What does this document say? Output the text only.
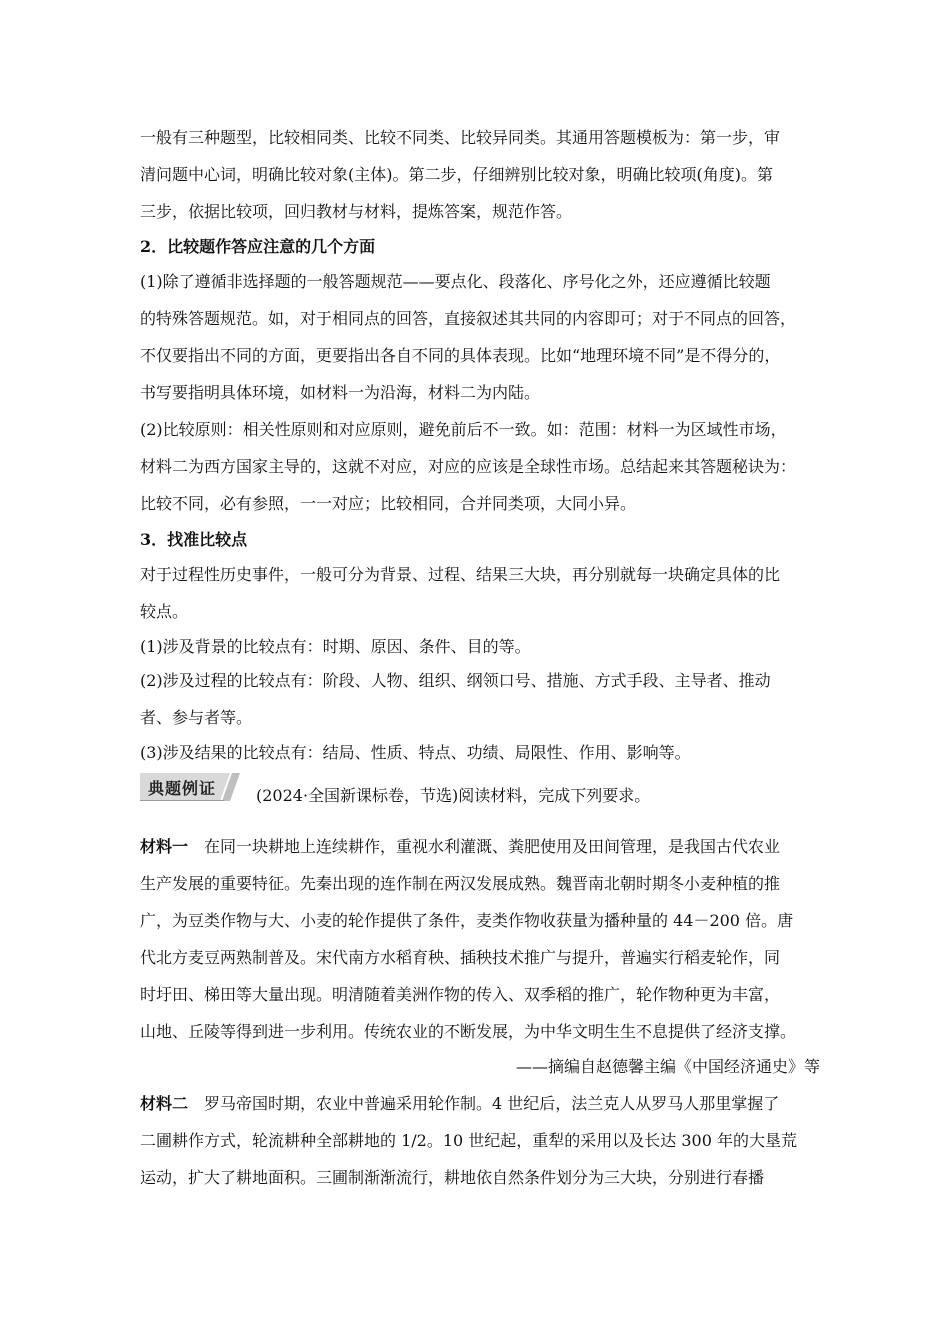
一般有三种题型，比较相同类、比较不同类、比较异同类。其通用答题模板为：第一步，审
清问题中心词，明确比较对象(主体)。第二步，仔细辨别比较对象，明确比较项(角度)。第
三步，依据比较项，回归教材与材料，提炼答案，规范作答。
2．比较题作答应注意的几个方面
(1)除了遵循非选择题的一般答题规范——要点化、段落化、序号化之外，还应遵循比较题
的特殊答题规范。如，对于相同点的回答，直接叙述其共同的内容即可；对于不同点的回答，
不仅要指出不同的方面，更要指出各自不同的具体表现。比如“地理环境不同”是不得分的，
书写要指明具体环境，如材料一为沿海，材料二为内陆。
(2)比较原则：相关性原则和对应原则，避免前后不一致。如：范围：材料一为区域性市场，
材料二为西方国家主导的，这就不对应，对应的应该是全球性市场。总结起来其答题秘诀为：
比较不同，必有参照，一一对应；比较相同，合并同类项，大同小异。
3．找准比较点
对于过程性历史事件，一般可分为背景、过程、结果三大块，再分别就每一块确定具体的比
较点。
(1)涉及背景的比较点有：时期、原因、条件、目的等。
(2)涉及过程的比较点有：阶段、人物、组织、纲领口号、措施、方式手段、主导者、推动
者、参与者等。
(3)涉及结果的比较点有：结局、性质、特点、功绩、局限性、作用、影响等。
典题例证 (2024·全国新课标卷，节选)阅读材料，完成下列要求。
材料一 在同一块耕地上连续耕作，重视水利灌溉、粪肥使用及田间管理，是我国古代农业
生产发展的重要特征。先秦出现的连作制在两汉发展成熟。魏晋南北朝时期冬小麦种植的推
广，为豆类作物与大、小麦的轮作提供了条件，麦类作物收获量为播种量的 44－200 倍。唐
代北方麦豆两熟制普及。宋代南方水稻育秧、插秧技术推广与提升，普遍实行稻麦轮作，同
时圩田、梯田等大量出现。明清随着美洲作物的传入、双季稻的推广，轮作物种更为丰富，
山地、丘陵等得到进一步利用。传统农业的不断发展，为中华文明生生不息提供了经济支撑。
——摘编自赵德馨主编《中国经济通史》等
材料二 罗马帝国时期，农业中普遍采用轮作制。4 世纪后，法兰克人从罗马人那里掌握了
二圃耕作方式，轮流耕种全部耕地的 1/2。10 世纪起，重犁的采用以及长达 300 年的大垦荒
运动，扩大了耕地面积。三圃制渐渐流行，耕地依自然条件划分为三大块，分别进行春播
